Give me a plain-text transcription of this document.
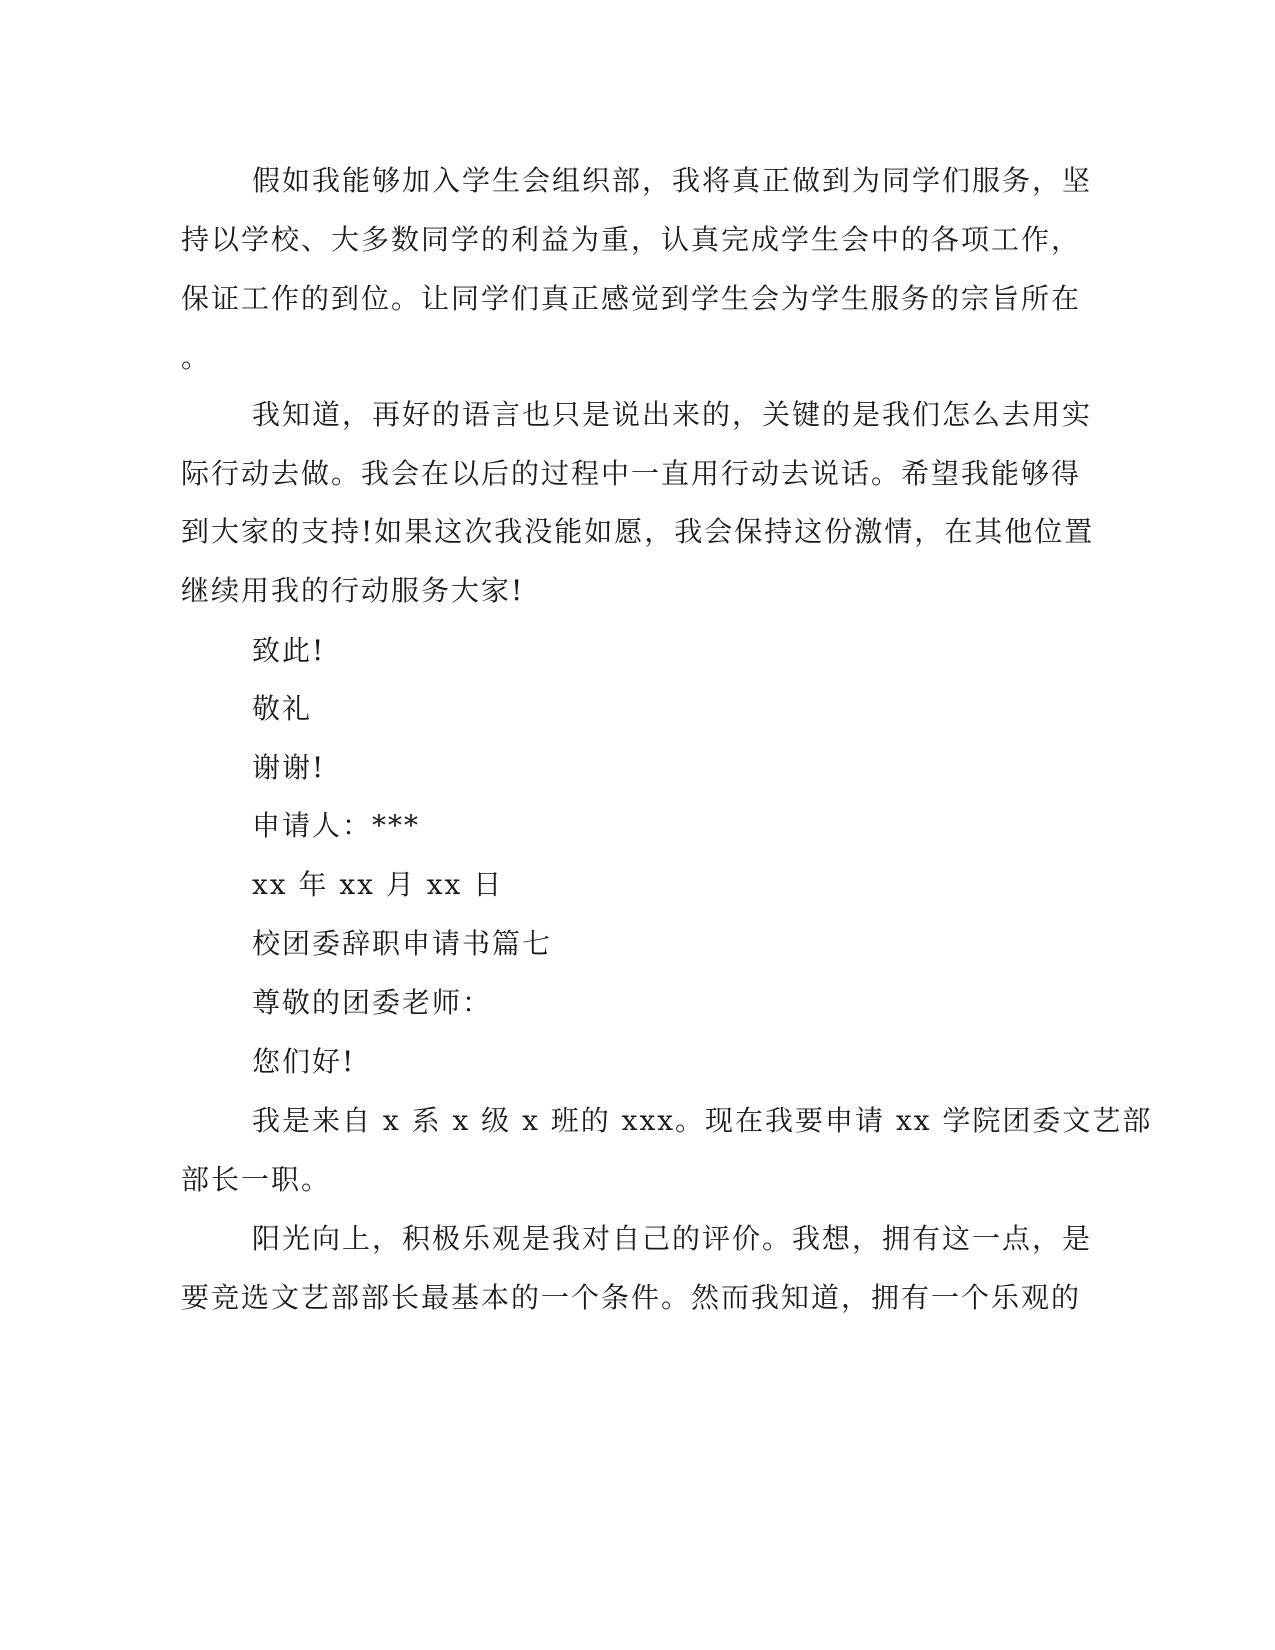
假如我能够加入学生会组织部，我将真正做到为同学们服务，坚
持以学校、大多数同学的利益为重，认真完成学生会中的各项工作，
保证工作的到位。让同学们真正感觉到学生会为学生服务的宗旨所在
。
我知道，再好的语言也只是说出来的，关键的是我们怎么去用实
际行动去做。我会在以后的过程中一直用行动去说话。希望我能够得
到大家的支持!如果这次我没能如愿，我会保持这份激情，在其他位置
继续用我的行动服务大家!
致此!
敬礼
谢谢!
申请人：***
xx 年 xx 月 xx 日
校团委辞职申请书篇七
尊敬的团委老师：
您们好!
我是来自 x 系 x 级 x 班的 xxx。现在我要申请 xx 学院团委文艺部
部长一职。
阳光向上，积极乐观是我对自己的评价。我想，拥有这一点，是
要竞选文艺部部长最基本的一个条件。然而我知道，拥有一个乐观的
